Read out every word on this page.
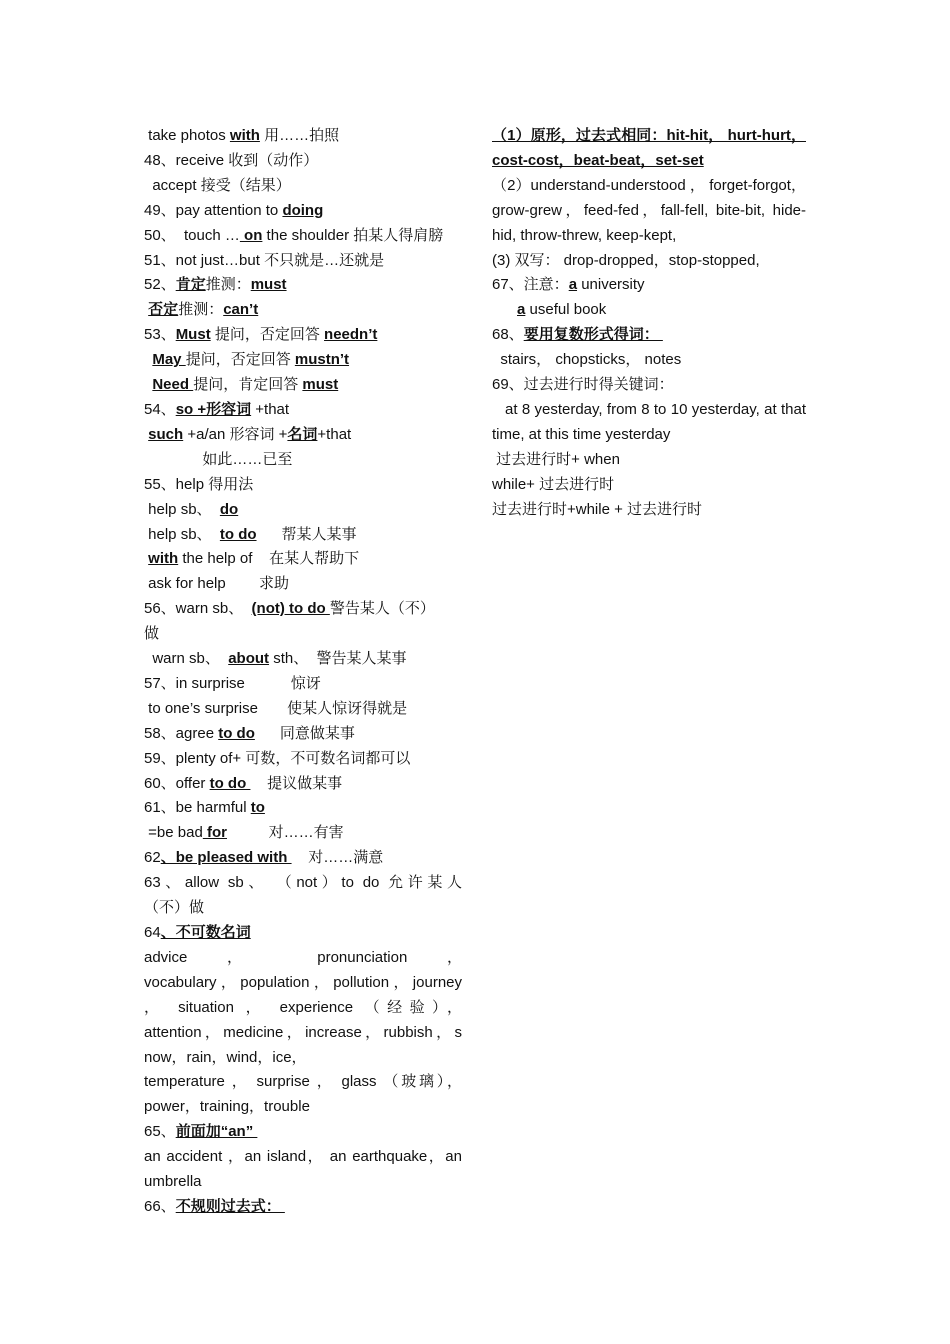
take photos with 用……拍照
48、receive 收到（动作）
accept 接受（结果）
49、pay attention to doing
50、  touch … on the shoulder 拍某人得肩膀
51、not just…but 不只就是…还就是
52、肯定推测：must
否定推测：can’t
53、Must 提问，否定回答 needn’t
May 提问，否定回答 mustn’t
Need 提问，肯定回答 must
54、so +形容词 +that
such +a/an 形容词 +名词+that
如此……已至
55、help 得用法
help sb、  do
help sb、  to do      帮某人某事
with the help of    在某人帮助下
ask for help        求助
56、warn sb、  (not) to do 警告某人（不）
做
warn sb、  about sth、  警告某人某事
57、in surprise           惊讶
to one’s surprise       使某人惊讶得就是
58、agree to do      同意做某事
59、plenty of+ 可数，不可数名词都可以
60、offer to do     提议做某事
61、be harmful to
=be bad for          对……有害
62、be pleased with     对……满意
63、allow sb、 （not）to do 允许某人
（不）做
64、不可数名词
advice ， pronunciation ，
vocabulary，population，pollution，journey
， situation ， experience （经验），
attention，medicine，increase，rubbish，s
now，rain，wind，ice，
temperature ， surprise ， glass （玻璃），
power，training，trouble
65、前面加“an”
an accident ，an island， an earthquake，an
umbrella
66、不规则过去式：
（1）原形，过去式相同：hit-hit， hurt-hurt，cost-cost，beat-beat，set-set
（2）understand-understood ， forget-forgot，grow-grew，feed-fed，fall-fell, bite-bit, hide-hid, throw-threw, keep-kept,
(3) 双写： drop-dropped，stop-stopped,
67、注意：a university
a useful book
68、要用复数形式得词：
stairs， chopsticks， notes
69、过去进行时得关键词：
at 8 yesterday, from 8 to 10 yesterday, at that time, at this time yesterday
过去进行时+ when
while+ 过去进行时
过去进行时+while + 过去进行时
